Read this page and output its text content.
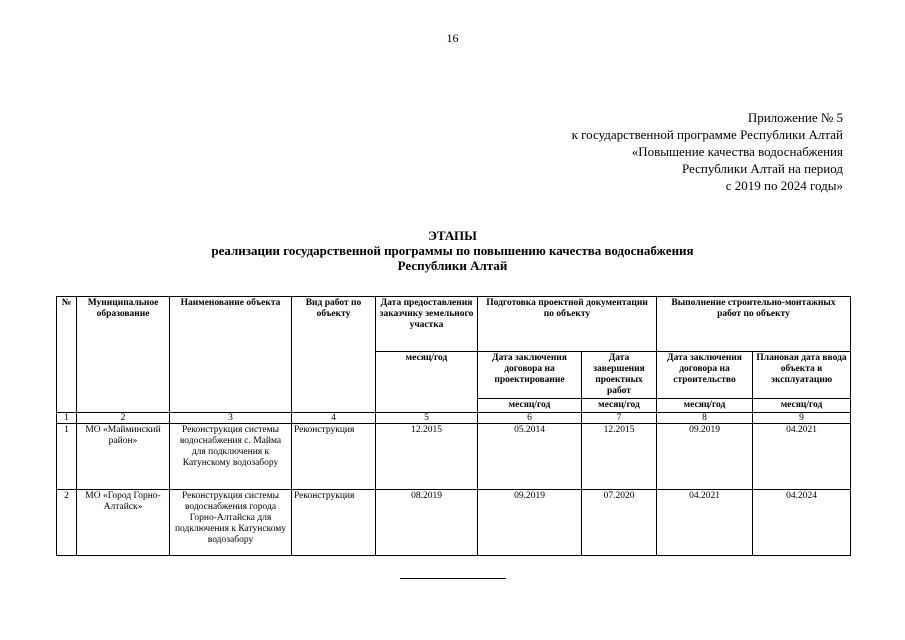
16
Приложение № 5
к государственной программе Республики Алтай
«Повышение качества водоснабжения
Республики Алтай на период
с 2019 по 2024 годы»
ЭТАПЫ
реализации государственной программы по повышению качества водоснабжения
Республики Алтай
№	Муниципальное образование	Наименование объекта	Вид работ по объекту	Дата предоставления заказчику земельного участка	Подготовка проектной документации по объекту		Выполнение строительно-монтажных работ по объекту	
				месяц/год	Дата заключения договора на проектирование	Дата завершения проектных работ	Дата заключения договора на строительство	Плановая дата ввода объекта в эксплуатацию
					месяц/год	месяц/год	месяц/год	месяц/год
1	2	3	4	5	6	7	8	9
1	МО «Майминский район»	Реконструкция системы водоснабжения с. Майма для подключения к Катунскому водозабору	Реконструкция	12.2015	05.2014	12.2015	09.2019	04.2021
2	МО «Город Горно-Алтайск»	Реконструкция системы водоснабжения города Горно-Алтайска для подключения к Катунскому водозабору	Реконструкция	08.2019	09.2019	07.2020	04.2021	04.2024
